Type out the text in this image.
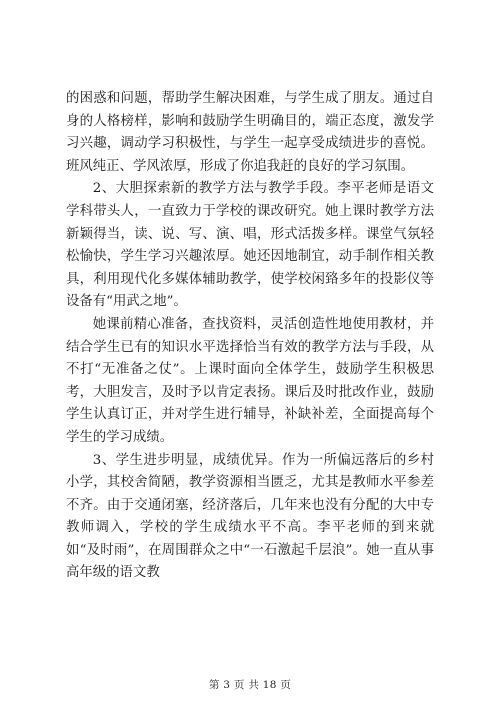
的困惑和问题，帮助学生解决困难，与学生成了朋友。通过自身的人格榜样，影响和鼓励学生明确目的，端正态度，激发学习兴趣，调动学习积极性，与学生一起享受成绩进步的喜悦。班风纯正、学风浓厚，形成了你追我赶的良好的学习氛围。

2、大胆探索新的教学方法与教学手段。李平老师是语文学科带头人，一直致力于学校的课改研究。她上课时教学方法新颖得当，读、说、写、演、唱，形式活拨多样。课堂气氛轻松愉快，学生学习兴趣浓厚。她还因地制宜，动手制作相关教具，利用现代化多媒体辅助教学，使学校闲臵多年的投影仪等设备有“用武之地”。

她课前精心准备，查找资料，灵活创造性地使用教材，并结合学生已有的知识水平选择恰当有效的教学方法与手段，从不打“无准备之仗”。上课时面向全体学生，鼓励学生积极思考，大胆发言，及时予以肯定表扬。课后及时批改作业，鼓励学生认真订正，并对学生进行辅导，补缺补差，全面提高每个学生的学习成绩。

3、学生进步明显，成绩优异。作为一所偏远落后的乡村小学，其校舍简陋，教学资源相当匮乏，尤其是教师水平参差不齐。由于交通闭塞，经济落后，几年来也没有分配的大中专教师调入，学校的学生成绩水平不高。李平老师的到来就如“及时雨”，在周围群众之中“一石激起千层浪”。她一直从事高年级的语文教

第 3 页 共 18 页
